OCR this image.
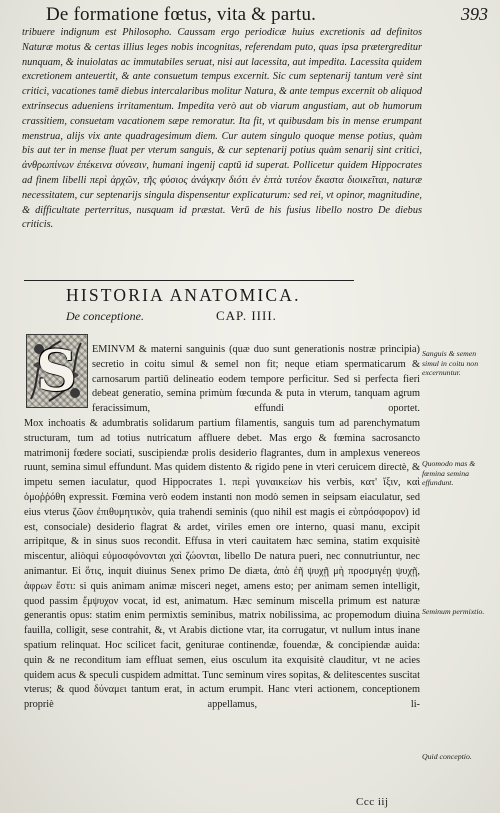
De formatione fœtus, vita & partu.	393

tribuere indignum est Philosopho. Caussam ergo periodicæ huius excretionis ad definitos Naturæ motus & certas illius leges nobis incognitas, referendam puto, quas ipsa prætergreditur nunquam, & inuiolatas ac immutabiles seruat, nisi aut lacessita, aut impedita. Lacessita quidem excretionem anteuertit, & ante consuetum tempus excernit. Sic cum septenarij tantum verè sint critici, vacationes tamē diebus intercalaribus molitur Natura, & ante tempus excernit ob aliquod extrinsecus adueniens irritamentum. Impedita verò aut ob viarum angustiam, aut ob humorum crassitiem, consuetam vacationem sæpe remoratur. Ita fit, vt quibusdam bis in mense erumpant menstrua, alijs vix ante quadragesimum diem. Cur autem singulo quoque mense potius, quàm bis aut ter in mense fluat per vterum sanguis, & cur septenarij potius quàm senarij sint critici, ἀνθρωπίνων ἐπέκεινα σύνεσιν, humani ingenij captū id superat. Pollicetur quidem Hippocrates ad finem libelli περὶ ἀρχῶν, τῆς φύσιος ἀνάγκην διότι ἐν ἑπτὰ τυτέον ἕκαστα διοικεῖται, naturæ necessitatem, cur septenarijs singula dispensentur explicaturum: sed rei, vt opinor, magnitudine, & difficultate perterritus, nusquam id præstat. Verū de his fusius libello nostro De diebus criticis.

HISTORIA ANATOMICA.
De conceptione.	CAP. IIII.
S	EMINVM & materni sanguinis (quæ duo sunt generationis nostræ principia) secretio in coitu simul & semel non fit; neque etiam spermaticarum & carnosarum partiū delineatio eodem tempore perficitur. Sed si perfecta fieri debeat generatio, semina primùm fœcunda & puta in vterum, tanquam agrum feracissimum, effundi oportet.

Mox inchoatis & adumbratis solidarum partium filamentis, sanguis tum ad parenchymatum structuram, tum ad totius nutricatum affluere debet. Mas ergo & fœmina sacrosancto matrimonij fœdere sociati, suscipiendæ prolis desiderio flagrantes, dum in amplexus venereos ruunt, semina simul effundunt. Mas quidem distento & rigido pene in vteri ceruicem directè, & impetu semen iaculatur, quod Hippocrates 1. περὶ γυναικείων his verbis, κατ' ἴξιν, καὶ ὁμοῤῥόθη expressit. Fœmina verò eodem instanti non modò semen in seipsam eiaculatur, sed eius vterus ζῶον ἐπιθυμητικὸν, quia trahendi seminis (quo nihil est magis ei εὐπρόσφορον) id est, consociale) desiderio flagrat & ardet, viriles emen ore interno, quasi manu, excipit arripitque, & in sinus suos recondit. Effusa in vteri cauitatem hæc semina, statim exquisitè miscentur, aliòqui εὐμοσφόνονται χαὶ ζώονται, libello De natura pueri, nec connutriuntur, nec animantur. Εἰ ὅτις, inquit diuinus Senex primo De diæta, ἀπὸ ἐῆ ψυχῇ μὴ προσμιγέῃ ψυχῇ, ἀφρων ἔστι: si quis animam animæ misceri neget, amens esto; per animam semen intelligit, quod passim ἔμψυχον vocat, id est, animatum. Hæc seminum miscella primum est naturæ generantis opus: statim enim permixtis seminibus, matrix nobilissima, ac propemodum diuina fauilla, colligit, sese contrahit, &, vt Arabis dictione vtar, ita corrugatur, vt nullum intus inane spatium relinquat. Hoc scilicet facit, geniturae continendæ, fouendæ, & concipiendæ auida: quin & ne reconditum iam effluat semen, eius osculum ita exquisitè clauditur, vt ne acies quidem acus & speculi cuspidem admittat. Tunc seminum vires sopitas, & delitescentes suscitat vterus; & quod δύναμει tantum erat, in actum erumpit. Hanc vteri actionem, conceptionem propriè appellamus, li-

Sanguis & semen simul in coitu non excernuntur.

Quomodo mas & fœmina semina effundunt.

Seminum permixtio.

Quid conceptio.

Ccc iij
